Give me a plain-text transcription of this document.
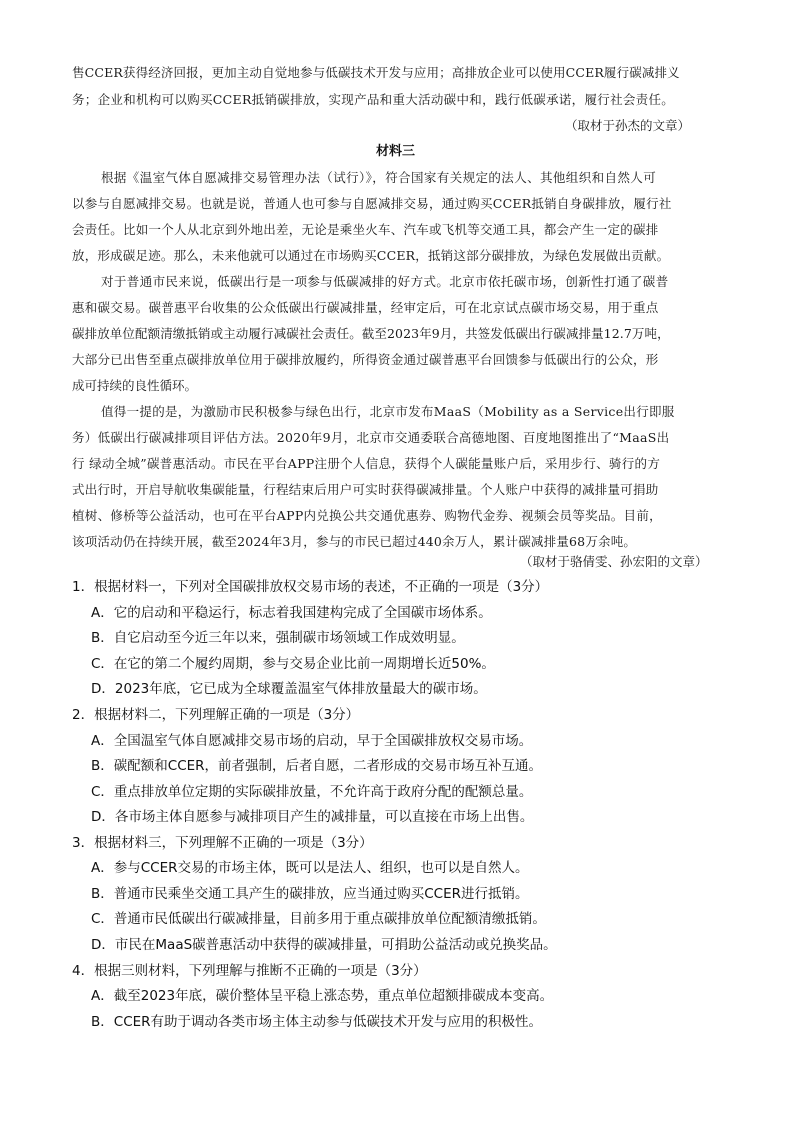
售CCER获得经济回报，更加主动自觉地参与低碳技术开发与应用；高排放企业可以使用CCER履行碳减排义
务；企业和机构可以购买CCER抵销碳排放，实现产品和重大活动碳中和，践行低碳承诺，履行社会责任。
（取材于孙杰的文章）
材料三
根据《温室气体自愿减排交易管理办法（试行）》，符合国家有关规定的法人、其他组织和自然人可
以参与自愿减排交易。也就是说，普通人也可参与自愿减排交易，通过购买CCER抵销自身碳排放，履行社
会责任。比如一个人从北京到外地出差，无论是乘坐火车、汽车或飞机等交通工具，都会产生一定的碳排
放，形成碳足迹。那么，未来他就可以通过在市场购买CCER，抵销这部分碳排放，为绿色发展做出贡献。
对于普通市民来说，低碳出行是一项参与低碳减排的好方式。北京市依托碳市场，创新性打通了碳普
惠和碳交易。碳普惠平台收集的公众低碳出行碳减排量，经审定后，可在北京试点碳市场交易，用于重点
碳排放单位配额清缴抵销或主动履行减碳社会责任。截至2023年9月，共签发低碳出行碳减排量12.7万吨，
大部分已出售至重点碳排放单位用于碳排放履约，所得资金通过碳普惠平台回馈参与低碳出行的公众，形
成可持续的良性循环。
值得一提的是，为激励市民积极参与绿色出行，北京市发布MaaS（Mobility as a Service出行即服
务）低碳出行碳减排项目评估方法。2020年9月，北京市交通委联合高德地图、百度地图推出了“MaaS出
行 绿动全城”碳普惠活动。市民在平台APP注册个人信息，获得个人碳能量账户后，采用步行、骑行的方
式出行时，开启导航收集碳能量，行程结束后用户可实时获得碳减排量。个人账户中获得的减排量可捐助
植树、修桥等公益活动，也可在平台APP内兑换公共交通优惠券、购物代金券、视频会员等奖品。目前，
该项活动仍在持续开展，截至2024年3月，参与的市民已超过440余万人，累计碳减排量68万余吨。
（取材于骆倩雯、孙宏阳的文章）
1．根据材料一，下列对全国碳排放权交易市场的表述，不正确的一项是（3分）
A．它的启动和平稳运行，标志着我国建构完成了全国碳市场体系。
B．自它启动至今近三年以来，强制碳市场领域工作成效明显。
C．在它的第二个履约周期，参与交易企业比前一周期增长近50%。
D．2023年底，它已成为全球覆盖温室气体排放量最大的碳市场。
2．根据材料二，下列理解正确的一项是（3分）
A．全国温室气体自愿减排交易市场的启动，早于全国碳排放权交易市场。
B．碳配额和CCER，前者强制，后者自愿，二者形成的交易市场互补互通。
C．重点排放单位定期的实际碳排放量，不允许高于政府分配的配额总量。
D．各市场主体自愿参与减排项目产生的减排量，可以直接在市场上出售。
3．根据材料三，下列理解不正确的一项是（3分）
A．参与CCER交易的市场主体，既可以是法人、组织，也可以是自然人。
B．普通市民乘坐交通工具产生的碳排放，应当通过购买CCER进行抵销。
C．普通市民低碳出行碳减排量，目前多用于重点碳排放单位配额清缴抵销。
D．市民在MaaS碳普惠活动中获得的碳减排量，可捐助公益活动或兑换奖品。
4．根据三则材料，下列理解与推断不正确的一项是（3分）
A．截至2023年底，碳价整体呈平稳上涨态势，重点单位超额排碳成本变高。
B．CCER有助于调动各类市场主体主动参与低碳技术开发与应用的积极性。
